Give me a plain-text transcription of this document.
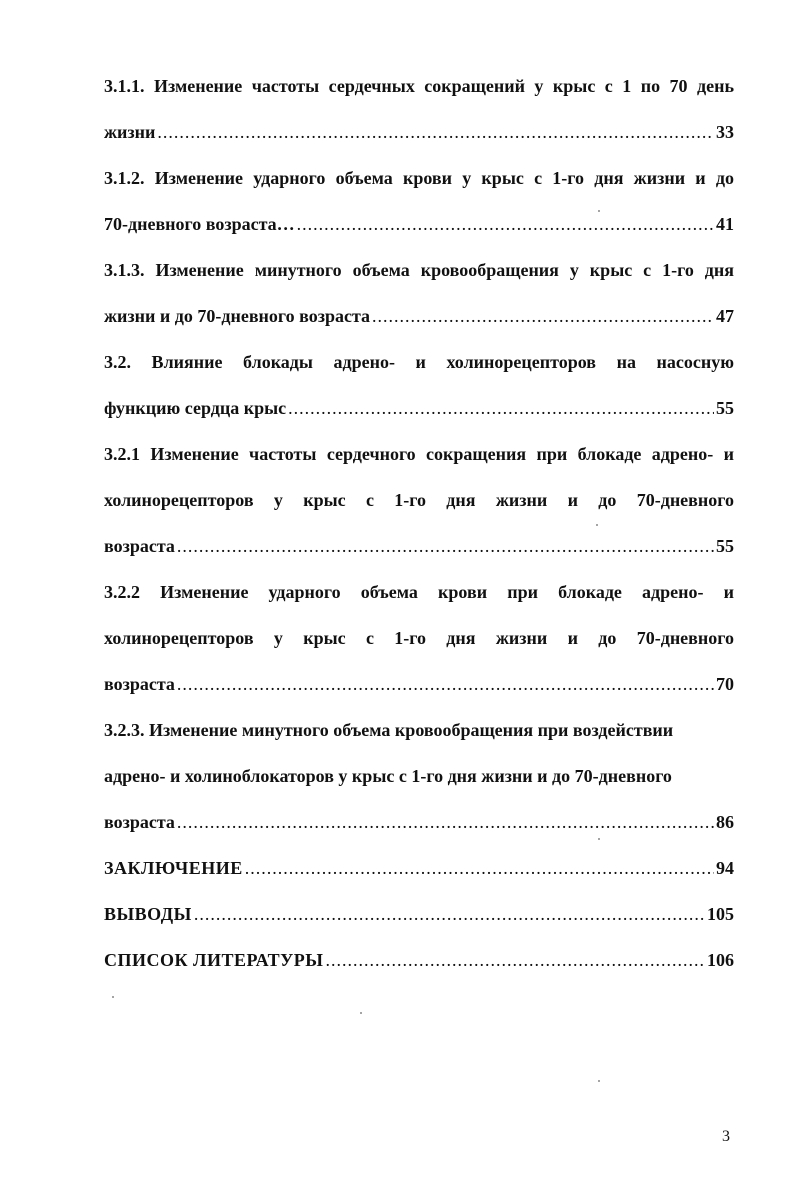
3.1.1. Изменение частоты сердечных сокращений у крыс с 1 по 70 день
жизни .....	33
3.1.2. Изменение ударного объема крови у крыс с 1-го дня жизни и до
70-дневного возраста… .....	41
3.1.3. Изменение минутного объема кровообращения у крыс с 1-го дня
жизни и до 70-дневного возраста .....	47
3.2. Влияние блокады адрено- и холинорецепторов на насосную
функцию сердца крыс .....	55
3.2.1 Изменение частоты сердечного сокращения при блокаде адрено- и
холинорецепторов у крыс с 1-го дня жизни и до 70-дневного
возраста .....	55
3.2.2 Изменение ударного объема крови при блокаде адрено- и
холинорецепторов у крыс с 1-го дня жизни и до 70-дневного
возраста .....	70
3.2.3. Изменение минутного объема кровообращения при воздействии
адрено- и холиноблокаторов у крыс с 1-го дня жизни и до 70-дневного
возраста .....	86
ЗАКЛЮЧЕНИЕ .....	94
ВЫВОДЫ .....	105
СПИСОК ЛИТЕРАТУРЫ .....	106
3
